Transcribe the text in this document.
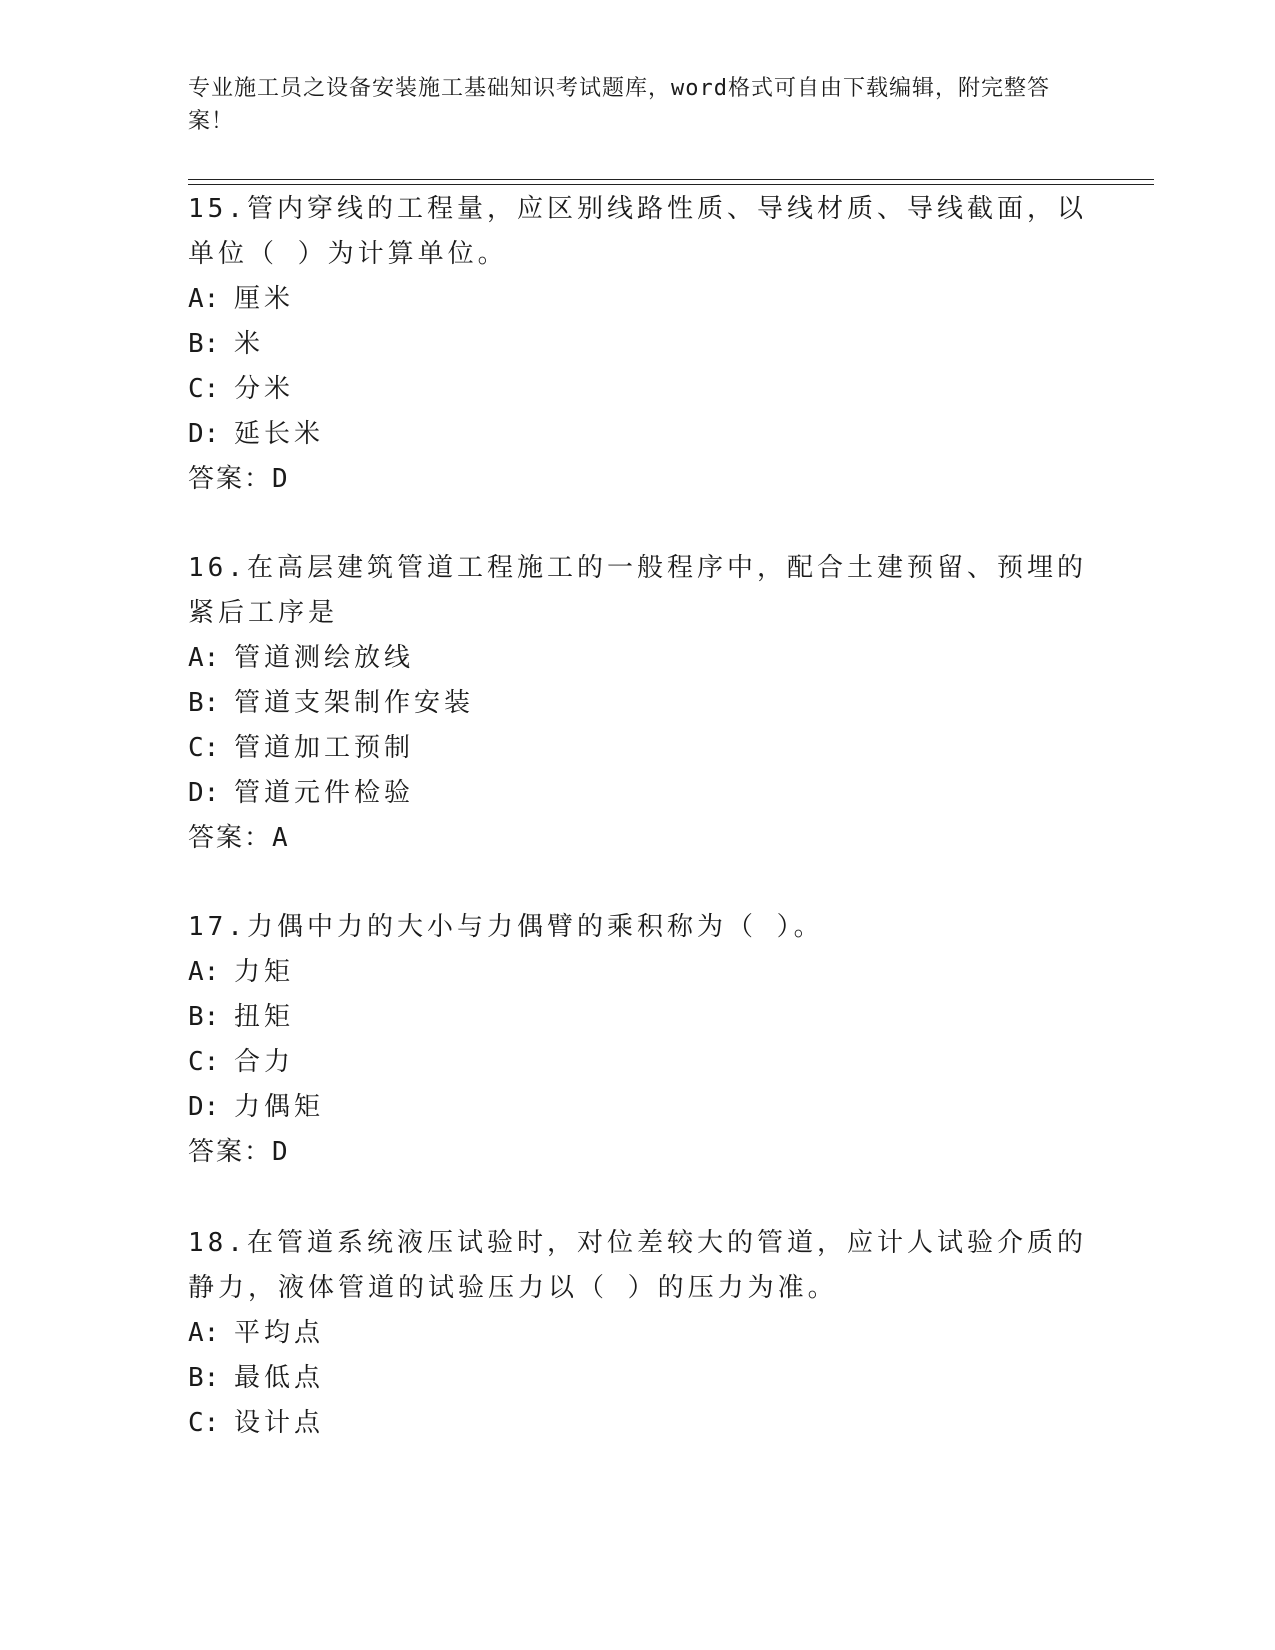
专业施工员之设备安装施工基础知识考试题库，word格式可自由下载编辑，附完整答案！
15.管内穿线的工程量，应区别线路性质、导线材质、导线截面，以单位（ ）为计算单位。
A: 厘米
B: 米
C: 分米
D: 延长米
答案：D
16.在高层建筑管道工程施工的一般程序中，配合土建预留、预埋的紧后工序是
A: 管道测绘放线
B: 管道支架制作安装
C: 管道加工预制
D: 管道元件检验
答案：A
17.力偶中力的大小与力偶臂的乘积称为（ ）。
A: 力矩
B: 扭矩
C: 合力
D: 力偶矩
答案：D
18.在管道系统液压试验时，对位差较大的管道，应计人试验介质的静力，液体管道的试验压力以（ ）的压力为准。
A: 平均点
B: 最低点
C: 设计点
